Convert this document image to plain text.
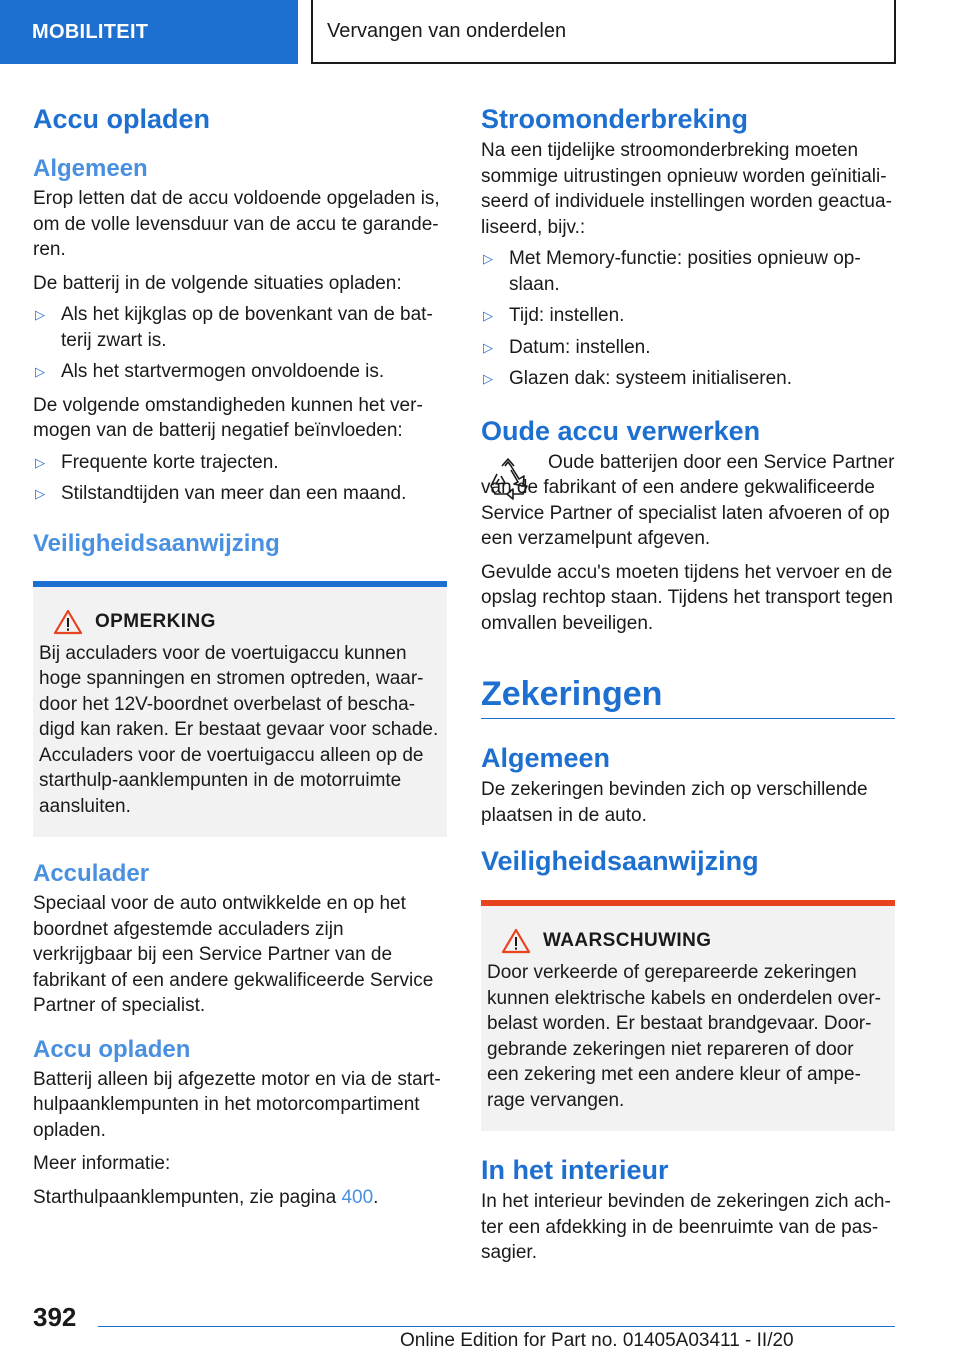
MOBILITEIT	Vervangen van onderdelen
Accu opladen
Algemeen

Erop letten dat de accu voldoende opgeladen is, om de volle levensduur van de accu te garanderen.

De batterij in de volgende situaties opladen:

▷ Als het kijkglas op de bovenkant van de batterij zwart is.
▷ Als het startvermogen onvoldoende is.

De volgende omstandigheden kunnen het vermogen van de batterij negatief beïnvloeden:

▷ Frequente korte trajecten.
▷ Stilstandtijden van meer dan een maand.
Veiligheidsaanwijzing
OPMERKING

Bij acculaders voor de voertuigaccu kunnen hoge spanningen en stromen optreden, waardoor het 12V-boordnet overbelast of beschadigd kan raken. Er bestaat gevaar voor schade. Acculaders voor de voertuigaccu alleen op de starthulp-aanklempunten in de motorruimte aansluiten.

Acculader

Speciaal voor de auto ontwikkelde en op het boordnet afgestemde acculaders zijn verkrijgbaar bij een Service Partner van de fabrikant of een andere gekwalificeerde Service Partner of specialist.

Accu opladen

Batterij alleen bij afgezette motor en via de starthulpaanklempunten in het motorcompartiment opladen.

Meer informatie:

Starthulpaanklempunten, zie pagina 400.

Stroomonderbreking

Na een tijdelijke stroomonderbreking moeten sommige uitrustingen opnieuw worden geïnitialiseerd of individuele instellingen worden geactualiseerd, bijv.:

▷ Met Memory-functie: posities opnieuw opslaan.
▷ Tijd: instellen.
▷ Datum: instellen.
▷ Glazen dak: systeem initialiseren.
Oude accu verwerken

Oude batterijen door een Service Partner van de fabrikant of een andere gekwalificeerde Service Partner of specialist laten afvoeren of op een verzamelpunt afgeven.

Gevulde accu's moeten tijdens het vervoer en de opslag rechtop staan. Tijdens het transport tegen omvallen beveiligen.

Zekeringen
Algemeen

De zekeringen bevinden zich op verschillende plaatsen in de auto.

Veiligheidsaanwijzing
WAARSCHUWING

Door verkeerde of gerepareerde zekeringen kunnen elektrische kabels en onderdelen overbelast worden. Er bestaat brandgevaar. Doorgebrande zekeringen niet repareren of door een zekering met een andere kleur of amperage vervangen.

In het interieur

In het interieur bevinden de zekeringen zich achter een afdekking in de beenruimte van de passagier.

392
Online Edition for Part no. 01405A03411 - II/20
